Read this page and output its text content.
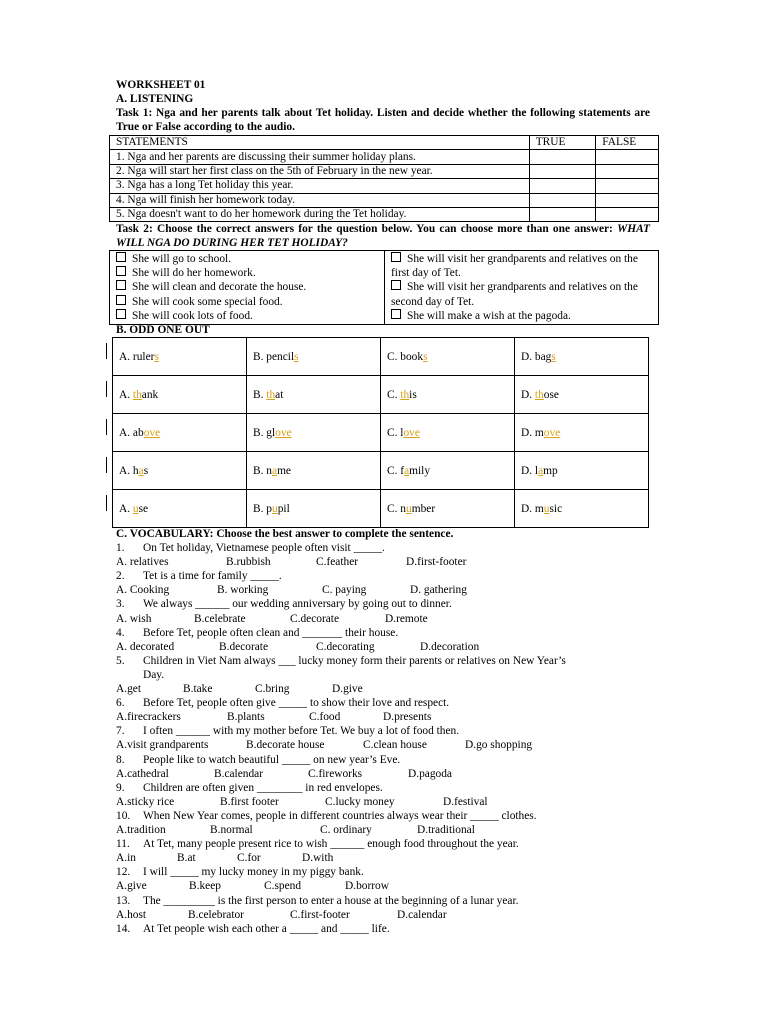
WORKSHEET 01
A. LISTENING
Task 1: Nga and her parents talk about Tet holiday. Listen and decide whether the following statements are True or False according to the audio.
STATEMENTS	TRUE	FALSE
1. Nga and her parents are discussing their summer holiday plans.		
2. Nga will start her first class on the 5th of February in the new year.		
3. Nga has a long Tet holiday this year.		
4. Nga will finish her homework today.		
5. Nga doesn't want to do her homework during the Tet holiday.		
Task 2: Choose the correct answers for the question below. You can choose more than one answer: WHAT WILL NGA DO DURING HER TET HOLIDAY?
She will go to school.
She will do her homework.
She will clean and decorate the house.
She will cook some special food.
She will cook lots of food.

She will visit her grandparents and relatives on the first day of Tet.
She will visit her grandparents and relatives on the second day of Tet.
She will make a wish at the pagoda.
B. ODD ONE OUT
A. rulers	B. pencils	C. books	D. bags
A. thank	B. that	C. this	D. those
A. above	B. glove	C. love	D. move
A. has	B. name	C. family	D. lamp
A. use	B. pupil	C. number	D. music
C. VOCABULARY: Choose the best answer to complete the sentence.
1. On Tet holiday, Vietnamese people often visit _____.
A. relatives	B.rubbish	C.feather	D.first-footer
2. Tet is a time for family _____.
A. Cooking	B. working	C. paying	D. gathering
3. We always ______ our wedding anniversary by going out to dinner.
A. wish	B.celebrate	C.decorate	D.remote
4. Before Tet, people often clean and _______ their house.
A. decorated	B.decorate	C.decorating	D.decoration
5. Children in Viet Nam always ___ lucky money form their parents or relatives on New Year’s
Day.
A.get	B.take	C.bring	D.give
6. Before Tet, people often give _____ to show their love and respect.
A.firecrackers	B.plants	C.food	D.presents
7. I often ______ with my mother before Tet. We buy a lot of food then.
A.visit grandparents	B.decorate house	C.clean house	D.go shopping
8. People like to watch beautiful _____ on new year’s Eve.
A.cathedral	B.calendar	C.fireworks	D.pagoda
9. Children are often given ________ in red envelopes.
A.sticky rice	B.first footer	C.lucky money	D.festival
10. When New Year comes, people in different countries always wear their _____ clothes.
A.tradition	B.normal	C. ordinary	D.traditional
11. At Tet, many people present rice to wish ______ enough food throughout the year.
A.in	B.at	C.for	D.with
12. I will _____ my lucky money in my piggy bank.
A.give	B.keep	C.spend	D.borrow
13. The _________ is the first person to enter a house at the beginning of a lunar year.
A.host	B.celebrator	C.first-footer	D.calendar
14. At Tet people wish each other a _____ and _____ life.
